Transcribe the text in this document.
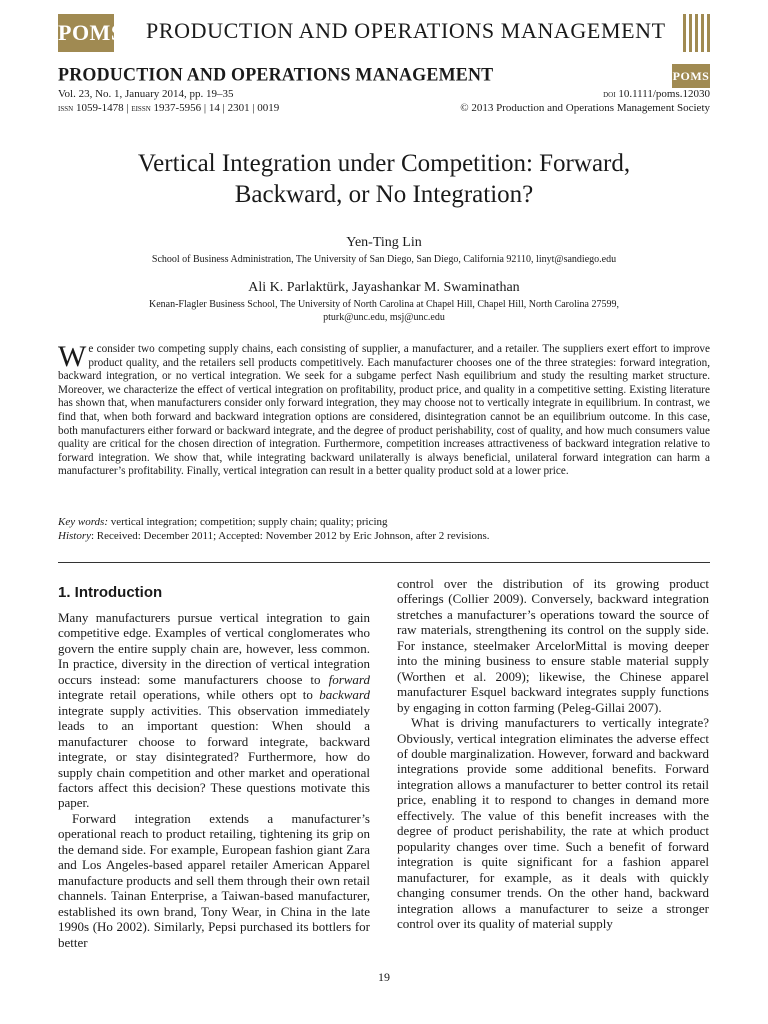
POMS PRODUCTION AND OPERATIONS MANAGEMENT
PRODUCTION AND OPERATIONS MANAGEMENT	POMS
Vol. 23, No. 1, January 2014, pp. 19–35
issn 1059-1478 | eissn 1937-5956 | 14 | 2301 | 0019
doi 10.1111/poms.12030
© 2013 Production and Operations Management Society
Vertical Integration under Competition: Forward,
Backward, or No Integration?
Yen-Ting Lin
School of Business Administration, The University of San Diego, San Diego, California 92110, linyt@sandiego.edu
Ali K. Parlaktürk, Jayashankar M. Swaminathan
Kenan-Flagler Business School, The University of North Carolina at Chapel Hill, Chapel Hill, North Carolina 27599,
pturk@unc.edu, msj@unc.edu
We consider two competing supply chains, each consisting of supplier, a manufacturer, and a retailer. The suppliers exert effort to improve product quality, and the retailers sell products competitively. Each manufacturer chooses one of the three strategies: forward integration, backward integration, or no vertical integration. We seek for a subgame perfect Nash equilibrium and study the resulting market structure. Moreover, we characterize the effect of vertical integration on profitability, product price, and quality in a competitive setting. Existing literature has shown that, when manufacturers consider only forward integration, they may choose not to vertically integrate in equilibrium. In contrast, we find that, when both forward and backward integration options are considered, disintegration cannot be an equilibrium outcome. In this case, both manufacturers either forward or backward integrate, and the degree of product perishability, cost of quality, and how much consumers value quality are critical for the chosen direction of integration. Furthermore, competition increases attractiveness of backward integration relative to forward integration. We show that, while integrating backward unilaterally is always beneficial, unilateral forward integration can harm a manufacturer’s profitability. Finally, vertical integration can result in a better quality product sold at a lower price.
Key words: vertical integration; competition; supply chain; quality; pricing
History: Received: December 2011; Accepted: November 2012 by Eric Johnson, after 2 revisions.
1. Introduction

Many manufacturers pursue vertical integration to gain competitive edge. Examples of vertical conglomerates who govern the entire supply chain are, however, less common. In practice, diversity in the direction of vertical integration occurs instead: some manufacturers choose to forward integrate retail operations, while others opt to backward integrate supply activities. This observation immediately leads to an important question: When should a manufacturer choose to forward integrate, backward integrate, or stay disintegrated? Furthermore, how do supply chain competition and other market and operational factors affect this decision? These questions motivate this paper.

Forward integration extends a manufacturer’s operational reach to product retailing, tightening its grip on the demand side. For example, European fashion giant Zara and Los Angeles-based apparel retailer American Apparel manufacture products and sell them through their own retail channels. Tainan Enterprise, a Taiwan-based manufacturer, established its own brand, Tony Wear, in China in the late 1990s (Ho 2002). Similarly, Pepsi purchased its bottlers for better

control over the distribution of its growing product offerings (Collier 2009). Conversely, backward integration stretches a manufacturer’s operations toward the source of raw materials, strengthening its control on the supply side. For instance, steelmaker ArcelorMittal is moving deeper into the mining business to ensure stable material supply (Worthen et al. 2009); likewise, the Chinese apparel manufacturer Esquel backward integrates supply functions by engaging in cotton farming (Peleg-Gillai 2007).

What is driving manufacturers to vertically integrate? Obviously, vertical integration eliminates the adverse effect of double marginalization. However, forward and backward integrations provide some additional benefits. Forward integration allows a manufacturer to better control its retail price, enabling it to respond to changes in demand more effectively. The value of this benefit increases with the degree of product perishability, the rate at which product popularity changes over time. Such a benefit of forward integration is quite significant for a fashion apparel manufacturer, for example, as it deals with quickly changing consumer trends. On the other hand, backward integration allows a manufacturer to seize a stronger control over its quality of material supply

19
